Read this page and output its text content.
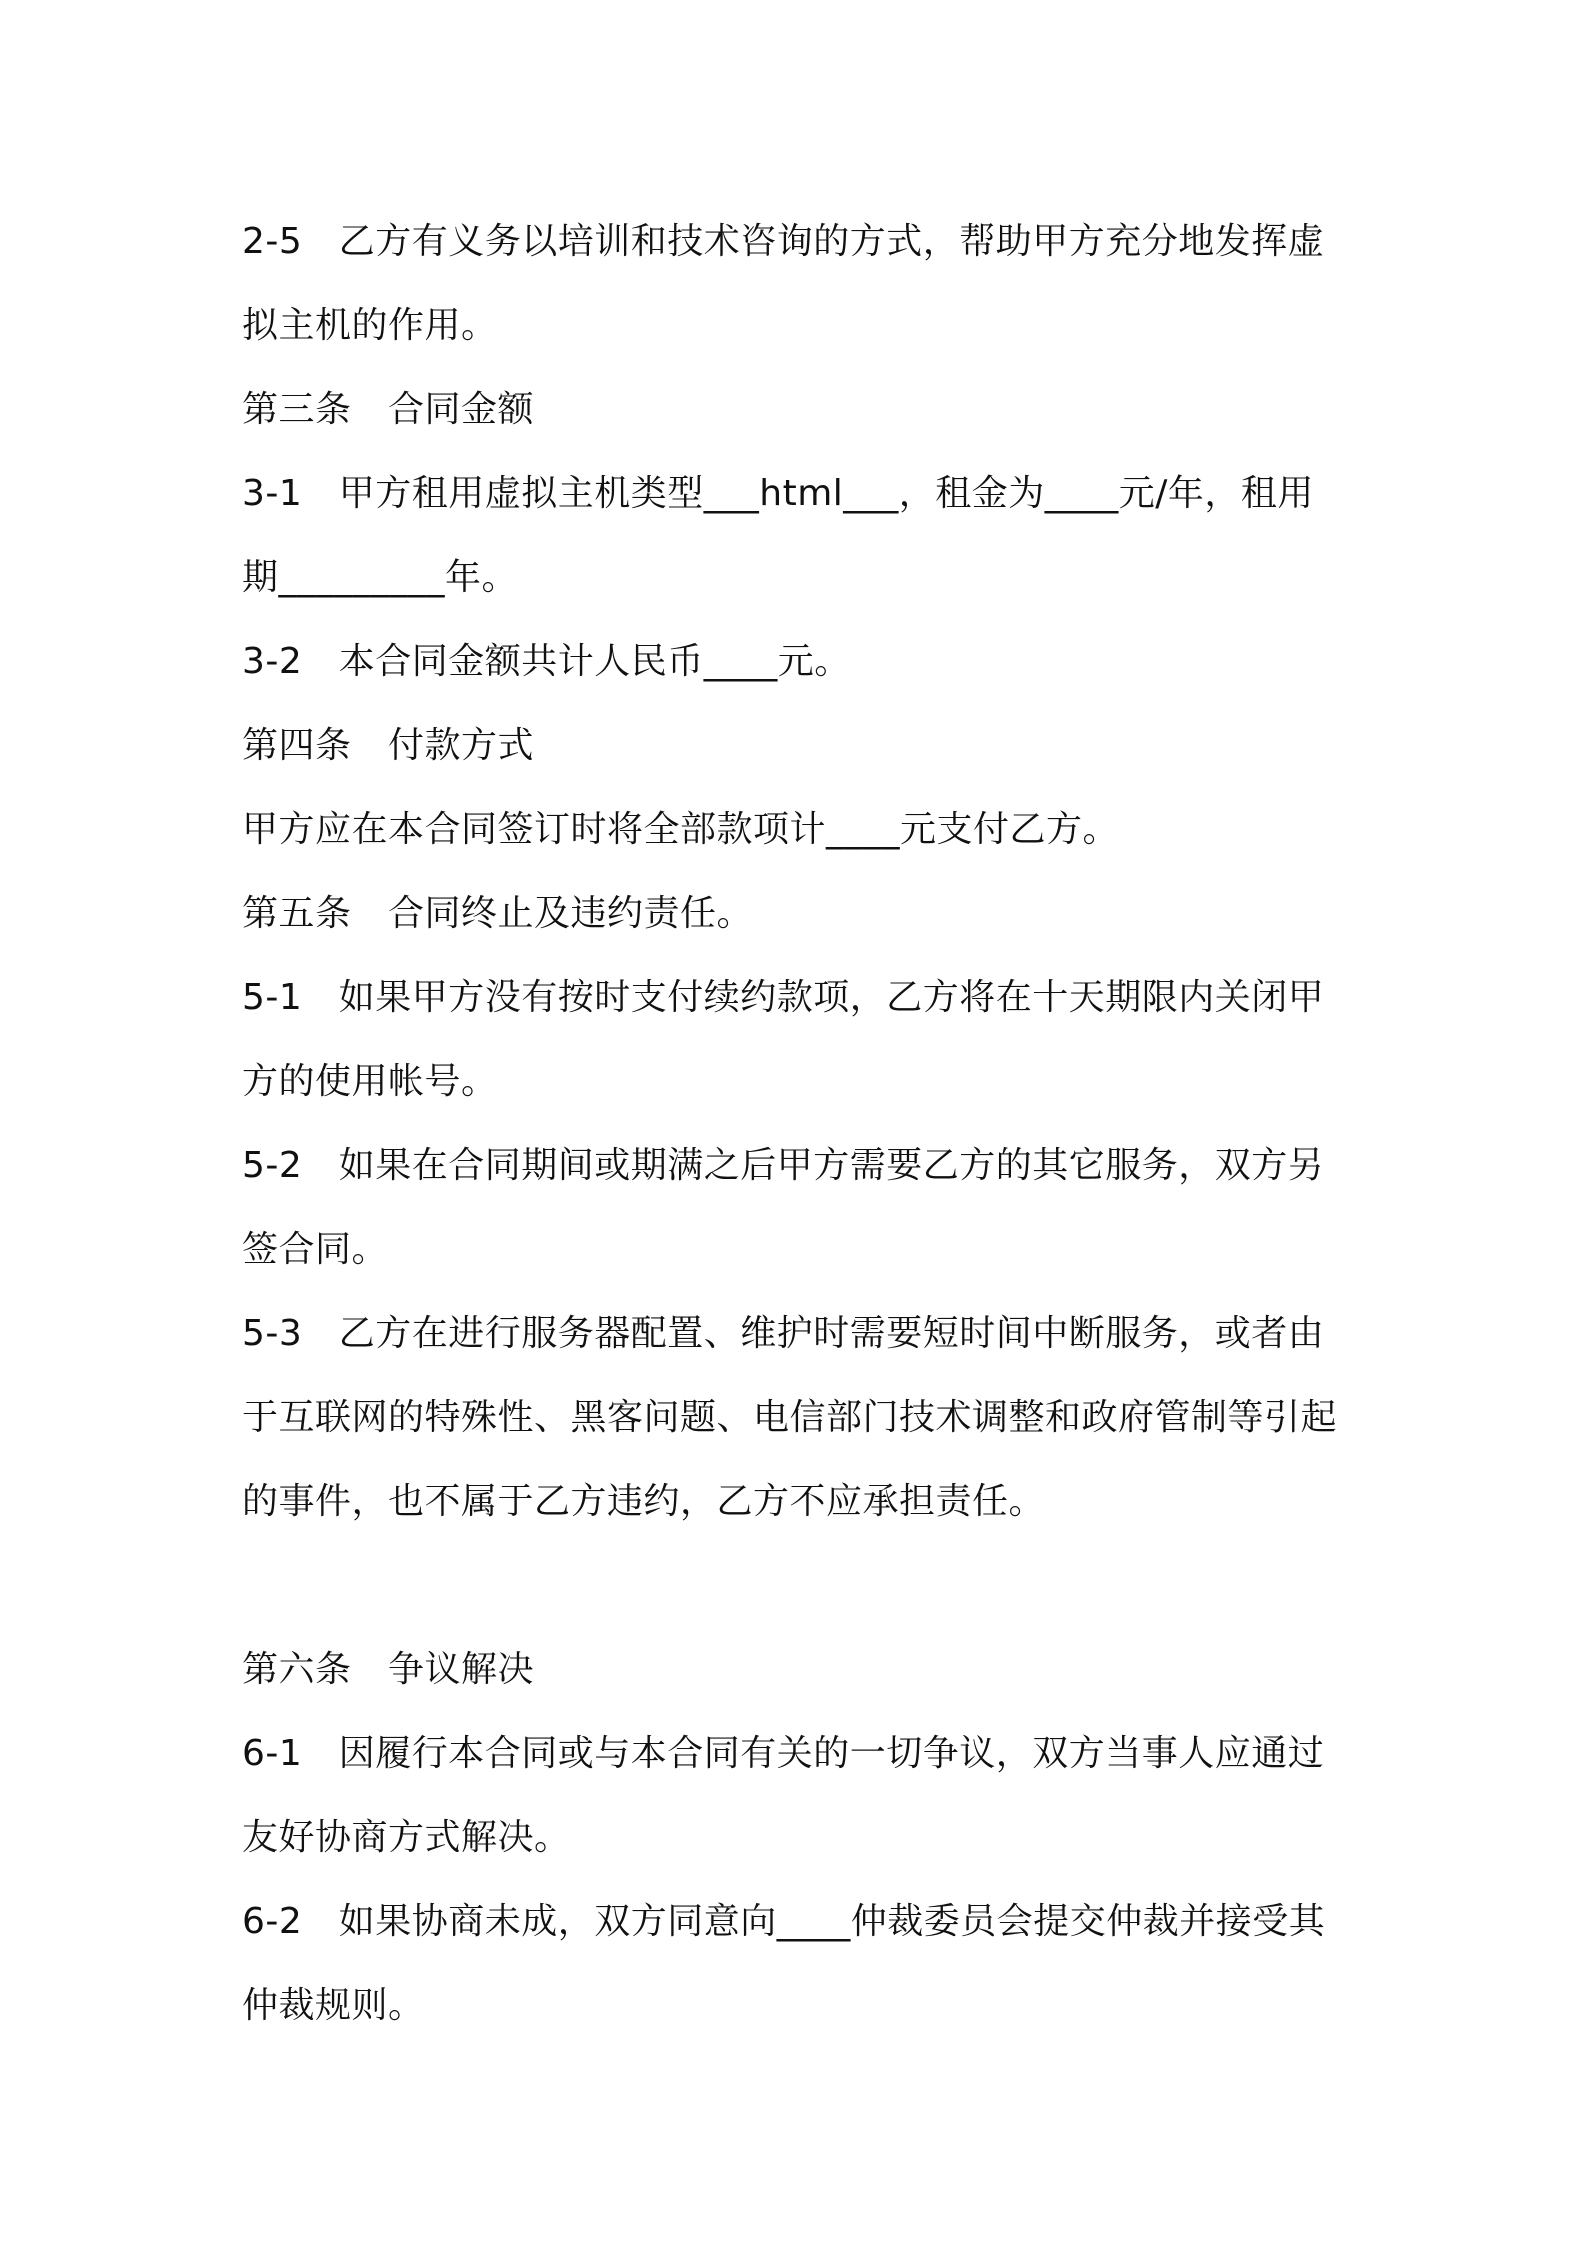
2-5　乙方有义务以培训和技术咨询的方式，帮助甲方充分地发挥虚
拟主机的作用。
第三条　合同金额
3-1　甲方租用虚拟主机类型___html___，租金为____元/年，租用
期_________年。
3-2　本合同金额共计人民币____元。
第四条　付款方式
甲方应在本合同签订时将全部款项计____元支付乙方。
第五条　合同终止及违约责任。
5-1　如果甲方没有按时支付续约款项，乙方将在十天期限内关闭甲
方的使用帐号。
5-2　如果在合同期间或期满之后甲方需要乙方的其它服务，双方另
签合同。
5-3　乙方在进行服务器配置、维护时需要短时间中断服务，或者由
于互联网的特殊性、黑客问题、电信部门技术调整和政府管制等引起
的事件，也不属于乙方违约，乙方不应承担责任。
第六条　争议解决
6-1　因履行本合同或与本合同有关的一切争议，双方当事人应通过
友好协商方式解决。
6-2　如果协商未成，双方同意向____仲裁委员会提交仲裁并接受其
仲裁规则。
